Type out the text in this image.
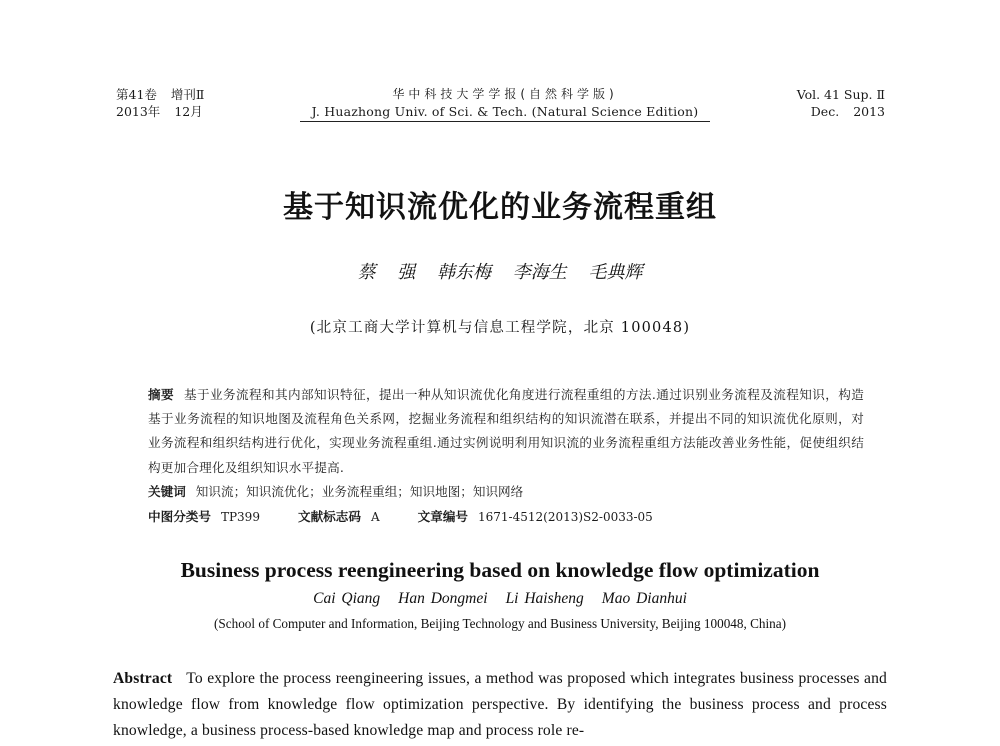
第41卷 增刊Ⅱ
2013年 12月
华中科技大学学报(自然科学版)
J. Huazhong Univ. of Sci. & Tech. (Natural Science Edition)
Vol. 41 Sup. Ⅱ
Dec. 2013
基于知识流优化的业务流程重组
蔡 强 韩东梅 李海生 毛典辉
(北京工商大学计算机与信息工程学院，北京 100048)
摘要 基于业务流程和其内部知识特征，提出一种从知识流优化角度进行流程重组的方法.通过识别业务流程及流程知识，构造基于业务流程的知识地图及流程角色关系网，挖掘业务流程和组织结构的知识流潜在联系，并提出不同的知识流优化原则，对业务流程和组织结构进行优化，实现业务流程重组.通过实例说明利用知识流的业务流程重组方法能改善业务性能，促使组织结构更加合理化及组织知识水平提高.
关键词 知识流；知识流优化；业务流程重组；知识地图；知识网络
中图分类号 TP399	文献标志码 A	文章编号 1671-4512(2013)S2-0033-05
Business process reengineering based on knowledge flow optimization
Cai Qiang Han Dongmei Li Haisheng Mao Dianhui
(School of Computer and Information, Beijing Technology and Business University, Beijing 100048, China)
Abstract To explore the process reengineering issues, a method was proposed which integrates business processes and knowledge flow from knowledge flow optimization perspective. By identifying the business process and process knowledge, a business process-based knowledge map and process role re-
